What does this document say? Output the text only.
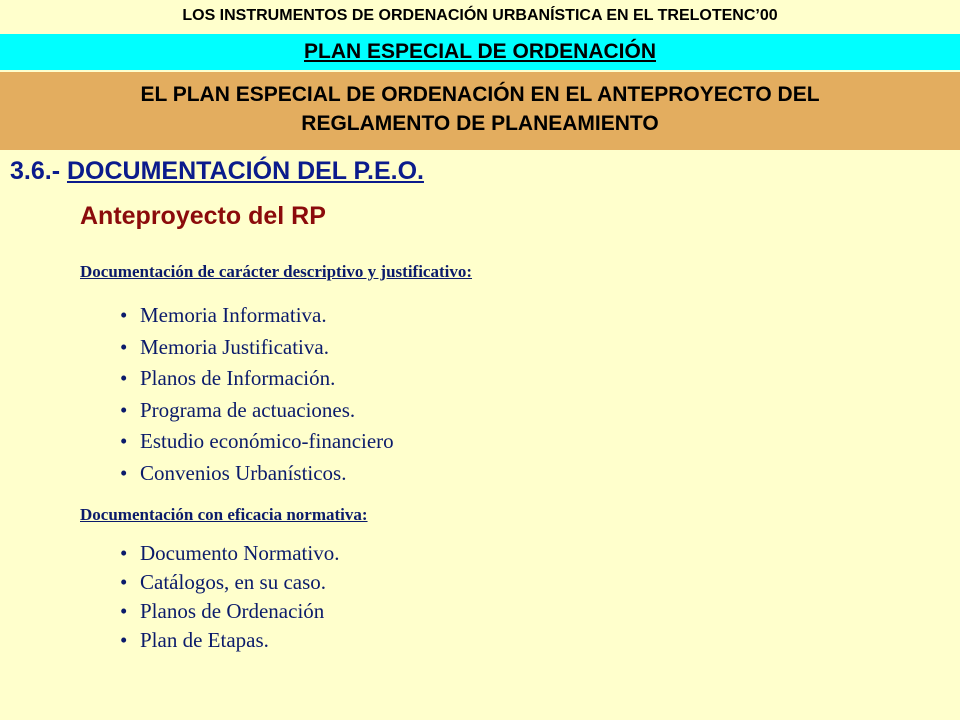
LOS INSTRUMENTOS DE ORDENACIÓN URBANÍSTICA EN EL TRELOTENC’00
PLAN ESPECIAL DE ORDENACIÓN
EL PLAN ESPECIAL DE ORDENACIÓN EN EL ANTEPROYECTO DEL
REGLAMENTO DE PLANEAMIENTO
3.6.- DOCUMENTACIÓN DEL P.E.O.
Anteproyecto del RP
Documentación de carácter descriptivo y justificativo:
• Memoria Informativa.
• Memoria Justificativa.
• Planos de Información.
• Programa de actuaciones.
• Estudio económico-financiero
• Convenios Urbanísticos.
Documentación con eficacia normativa:
• Documento Normativo.
• Catálogos, en su caso.
• Planos de Ordenación
• Plan de Etapas.
